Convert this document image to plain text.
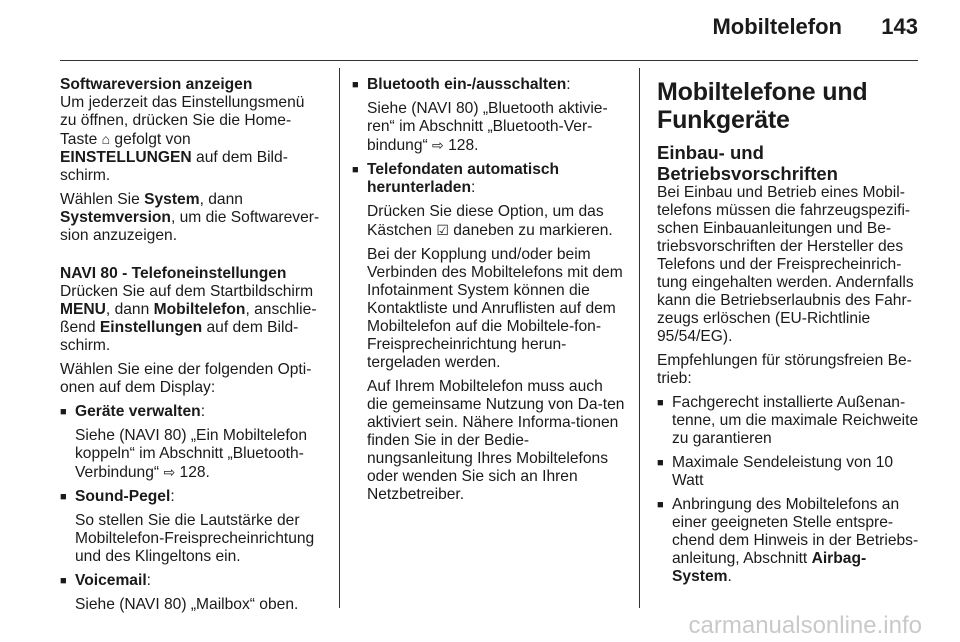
Mobiltelefon 143
Softwareversion anzeigen

Um jederzeit das Einstellungsmenü zu öffnen, drücken Sie die Home-Taste ⌂ gefolgt von EINSTELLUNGEN auf dem Bild-schirm.

Wählen Sie System, dann Systemversion, um die Softwarever-sion anzuzeigen.

NAVI 80 - Telefoneinstellungen

Drücken Sie auf dem Startbildschirm MENU, dann Mobiltelefon, anschlie-ßend Einstellungen auf dem Bild-schirm.

Wählen Sie eine der folgenden Opti-onen auf dem Display:

■ Geräte verwalten:
Siehe (NAVI 80) „Ein Mobiltelefon koppeln“ im Abschnitt „Bluetooth-Verbindung“ ⇨ 128.
■ Sound-Pegel:
So stellen Sie die Lautstärke der Mobiltelefon-Freisprecheinrichtung und des Klingeltons ein.
■ Voicemail:
Siehe (NAVI 80) „Mailbox“ oben.
■ Bluetooth ein-/ausschalten:
Siehe (NAVI 80) „Bluetooth aktivie-ren“ im Abschnitt „Bluetooth-Ver-bindung“ ⇨ 128.
■ Telefondaten automatisch herunterladen:
Drücken Sie diese Option, um das Kästchen ☑ daneben zu markieren.
Bei der Kopplung und/oder beim Verbinden des Mobiltelefons mit dem Infotainment System können die Kontaktliste und Anruflisten auf dem Mobiltelefon auf die Mobiltele-fon-Freisprecheinrichtung herun-tergeladen werden.
Auf Ihrem Mobiltelefon muss auch die gemeinsame Nutzung von Da-ten aktiviert sein. Nähere Informa-tionen finden Sie in der Bedie-nungsanleitung Ihres Mobiltelefons oder wenden Sie sich an Ihren Netzbetreiber.
Mobiltelefone und Funkgeräte
Einbau- und Betriebsvorschriften

Bei Einbau und Betrieb eines Mobil-telefons müssen die fahrzeugspezifi-schen Einbauanleitungen und Be-triebsvorschriften der Hersteller des Telefons und der Freisprecheinrich-tung eingehalten werden. Andernfalls kann die Betriebserlaubnis des Fahr-zeugs erlöschen (EU-Richtlinie 95/54/EG).

Empfehlungen für störungsfreien Be-trieb:

■ Fachgerecht installierte Außenan-tenne, um die maximale Reichweite zu garantieren
■ Maximale Sendeleistung von 10 Watt
■ Anbringung des Mobiltelefons an einer geeigneten Stelle entspre-chend dem Hinweis in der Betriebs-anleitung, Abschnitt Airbag-System.
carmanualsonline.info
